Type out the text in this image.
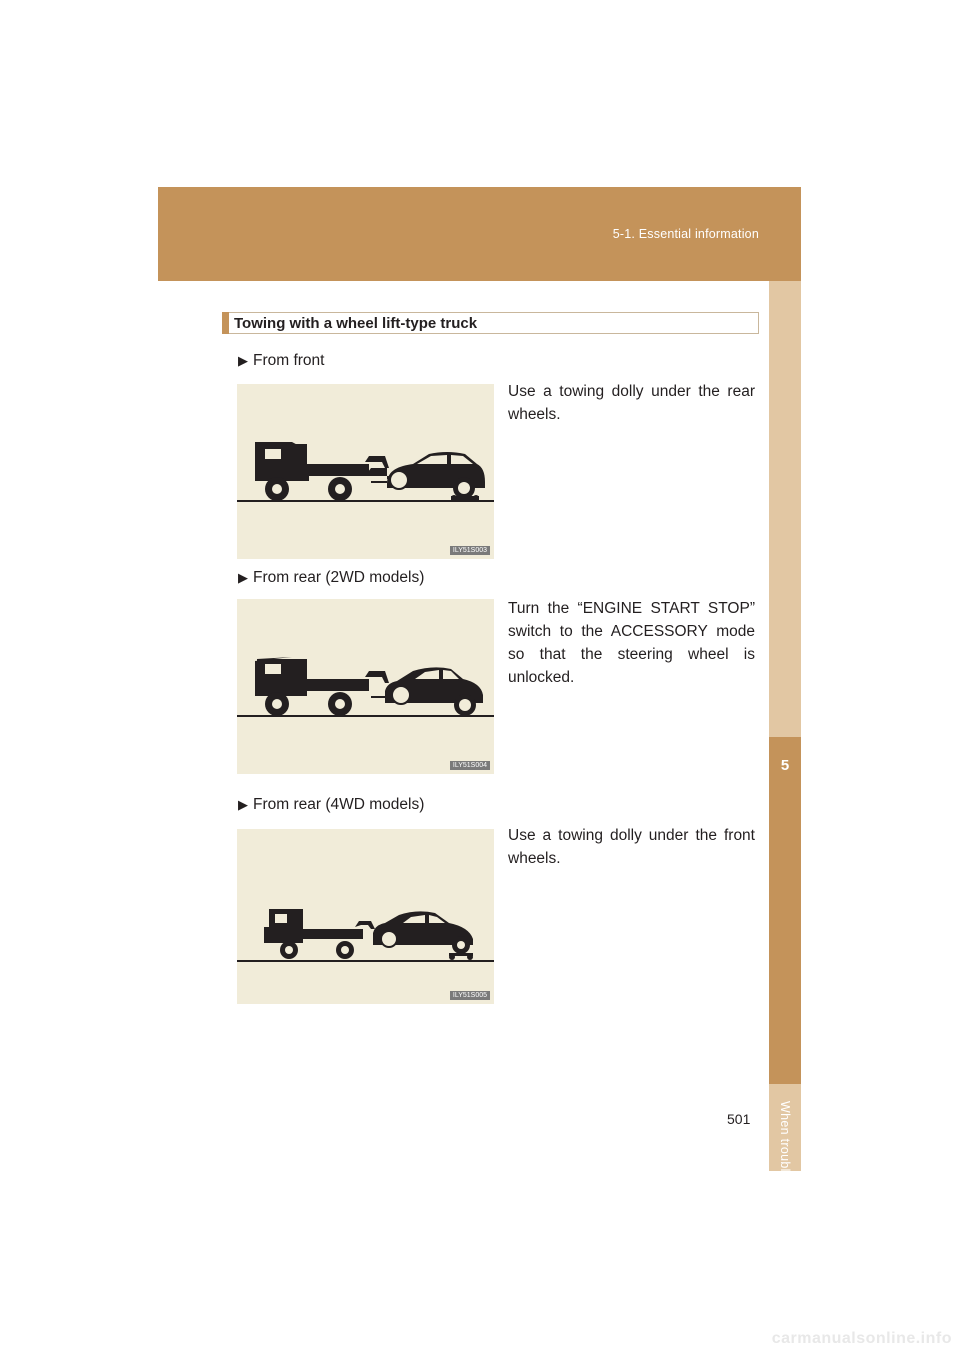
5-1. Essential information
5
When trouble arises
Towing with a wheel lift-type truck
▶ From front
Use a towing dolly under the rear wheels.
ILY51S003
▶ From rear (2WD models)
Turn the “ENGINE START STOP” switch to the ACCESSORY mode so that the steering wheel is unlocked.
ILY51S004
▶ From rear (4WD models)
Use a towing dolly under the front wheels.
ILY51S005
501
carmanualsonline.info
